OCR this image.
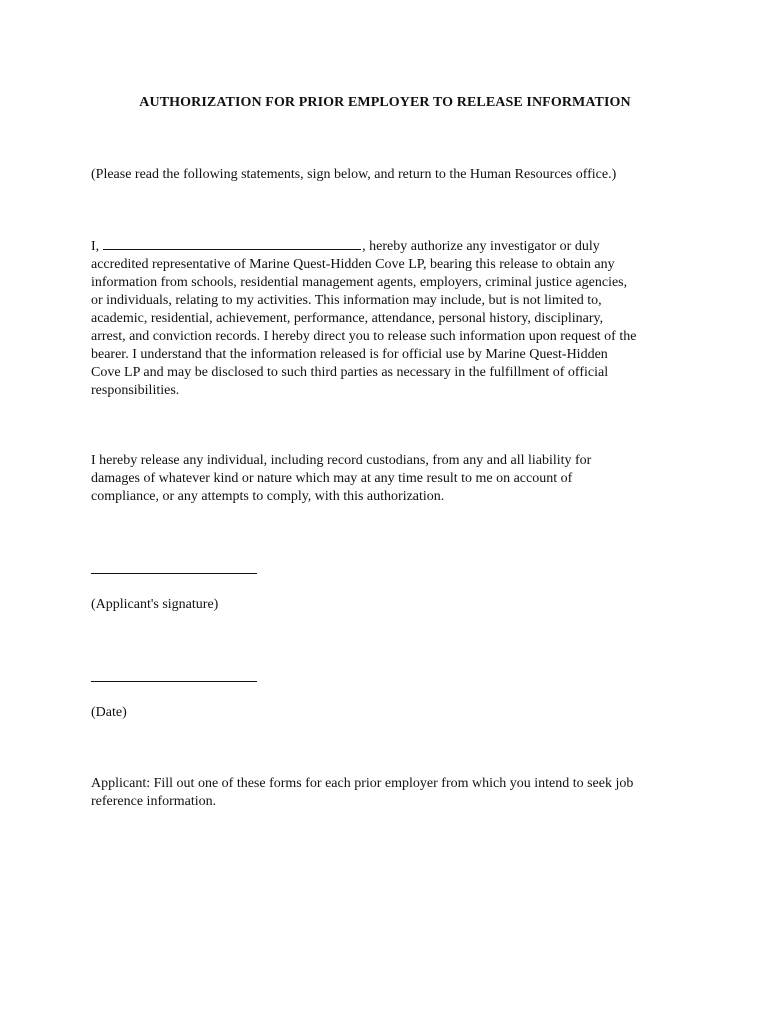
AUTHORIZATION FOR PRIOR EMPLOYER TO RELEASE INFORMATION
(Please read the following statements, sign below, and return to the Human Resources office.)
I,	, hereby authorize any investigator or duly
accredited representative of Marine Quest-Hidden Cove LP, bearing this release to obtain any
information from schools, residential management agents, employers, criminal justice agencies,
or individuals, relating to my activities. This information may include, but is not limited to,
academic, residential, achievement, performance, attendance, personal history, disciplinary,
arrest, and conviction records. I hereby direct you to release such information upon request of the
bearer. I understand that the information released is for official use by Marine Quest-Hidden
Cove LP and may be disclosed to such third parties as necessary in the fulfillment of official
responsibilities.
I hereby release any individual, including record custodians, from any and all liability for
damages of whatever kind or nature which may at any time result to me on account of
compliance, or any attempts to comply, with this authorization.
(Applicant's signature)
(Date)
Applicant: Fill out one of these forms for each prior employer from which you intend to seek job
reference information.
